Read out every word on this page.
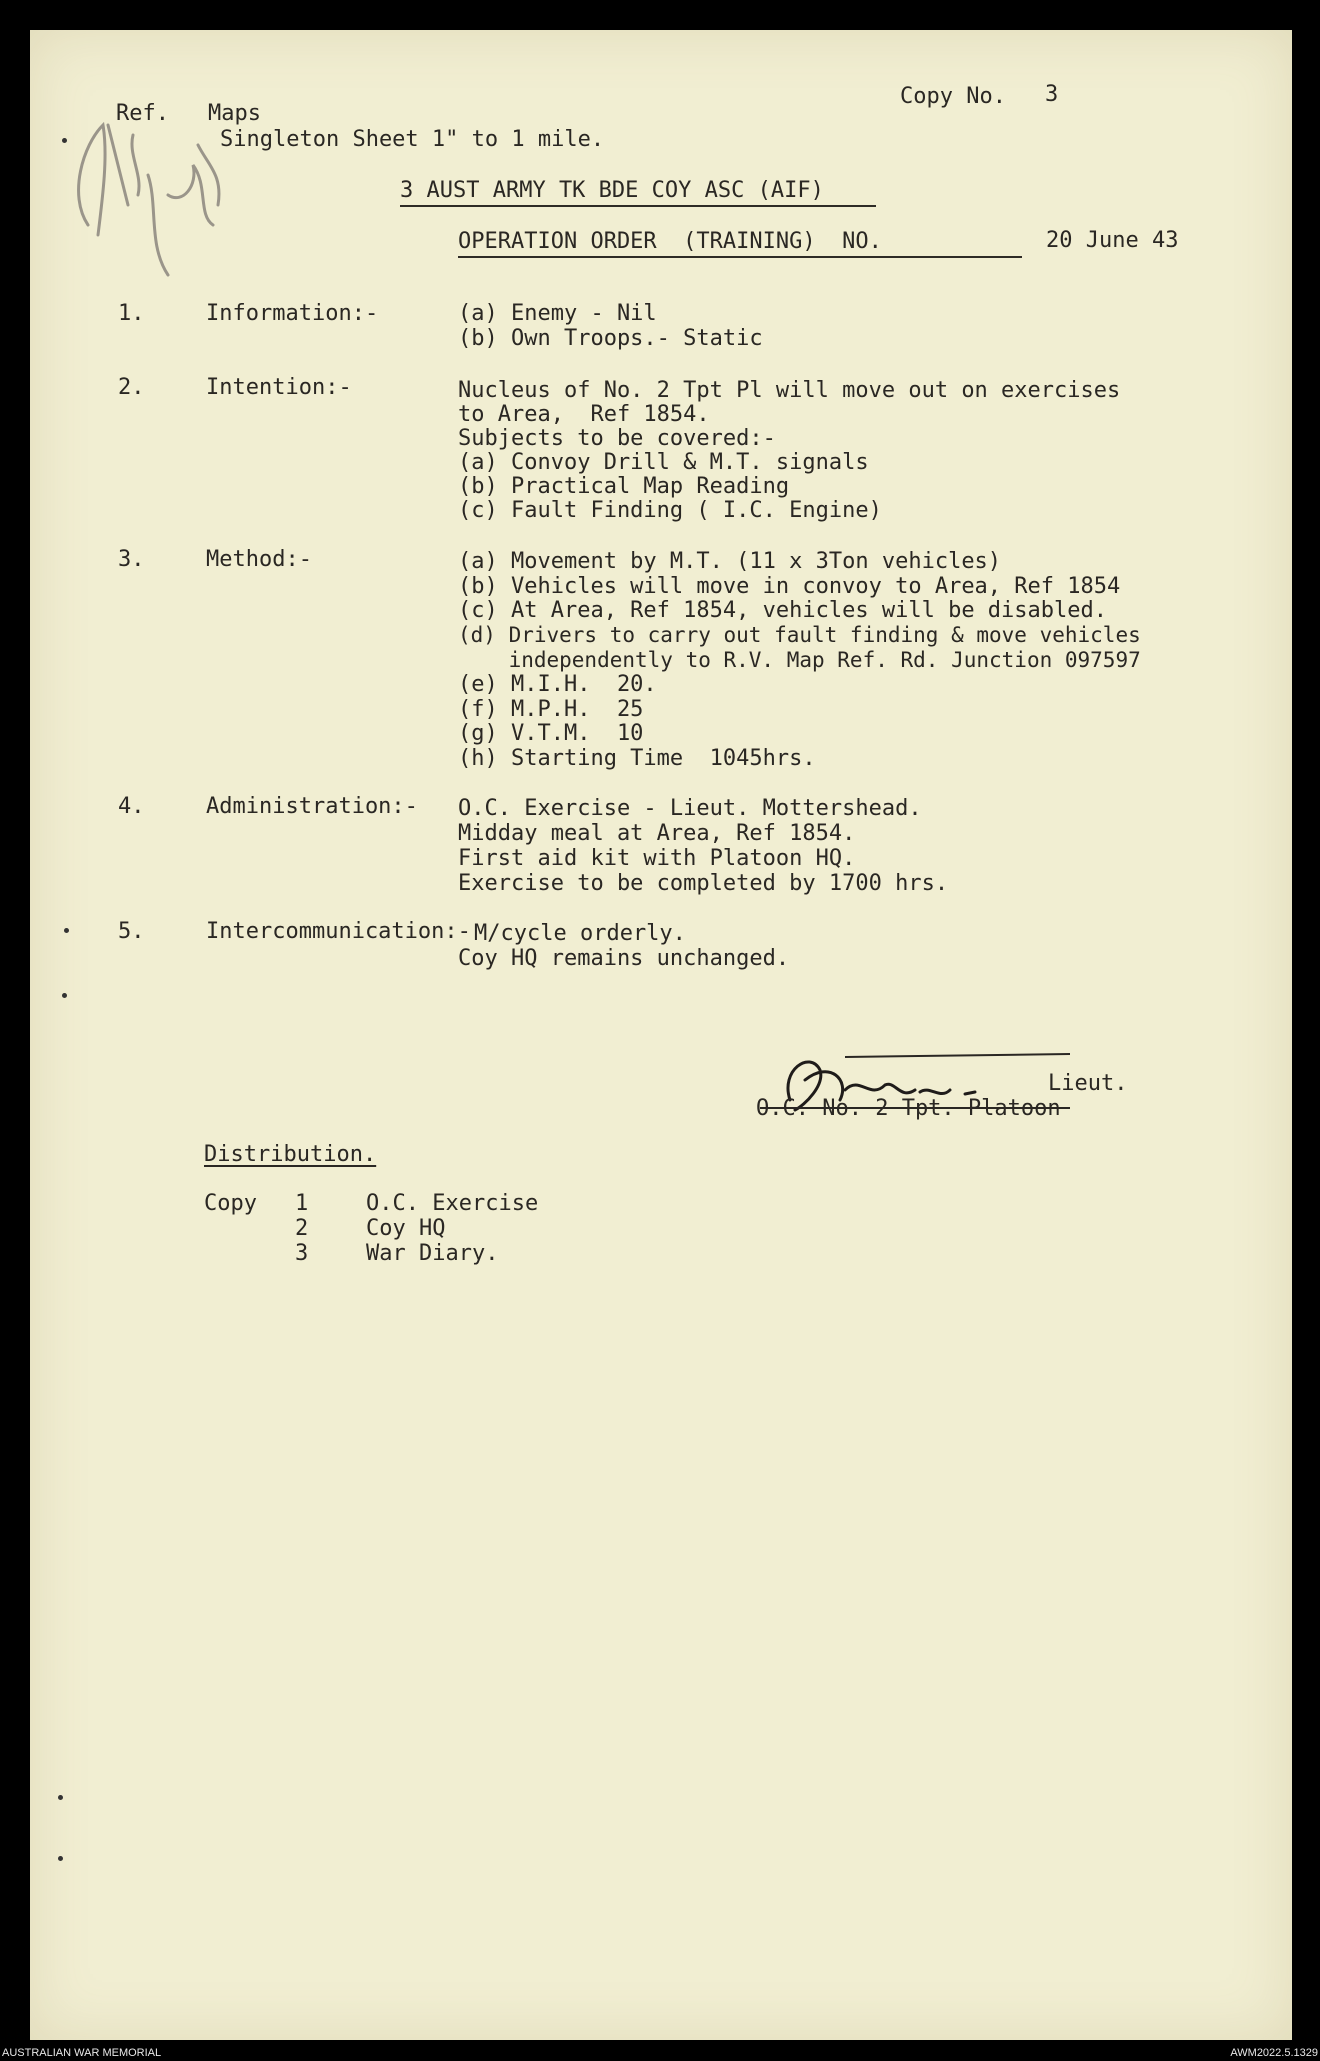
Ref. Maps
Singleton Sheet 1" to 1 mile.
Copy No. 3
3 AUST ARMY TK BDE COY ASC (AIF)
OPERATION ORDER  (TRAINING)  NO.	20 June 43
1.	Information:-	(a) Enemy - Nil
(b) Own Troops.- Static
2.	Intention:-	Nucleus of No. 2 Tpt Pl will move out on exercises
to Area,  Ref 1854.
Subjects to be covered:-
(a) Convoy Drill & M.T. signals
(b) Practical Map Reading
(c) Fault Finding ( I.C. Engine)
3.	Method:-	(a) Movement by M.T. (11 x 3Ton vehicles)
(b) Vehicles will move in convoy to Area, Ref 1854
(c) At Area, Ref 1854, vehicles will be disabled.
(d) Drivers to carry out fault finding & move vehicles
independently to R.V. Map Ref. Rd. Junction 097597
(e) M.I.H.  20.
(f) M.P.H.  25
(g) V.T.M.  10
(h) Starting Time  1045hrs.
4.	Administration:- O.C. Exercise - Lieut. Mottershead.
Midday meal at Area, Ref 1854.
First aid kit with Platoon HQ.
Exercise to be completed by 1700 hrs.
5.	Intercommunication:- M/cycle orderly.
Coy HQ remains unchanged.
Lieut.
O.C. No. 2 Tpt. Platoon
Distribution.
Copy 1	O.C. Exercise
2	Coy HQ
3	War Diary.
AUSTRALIAN WAR MEMORIAL	AWM2022.5.1329
